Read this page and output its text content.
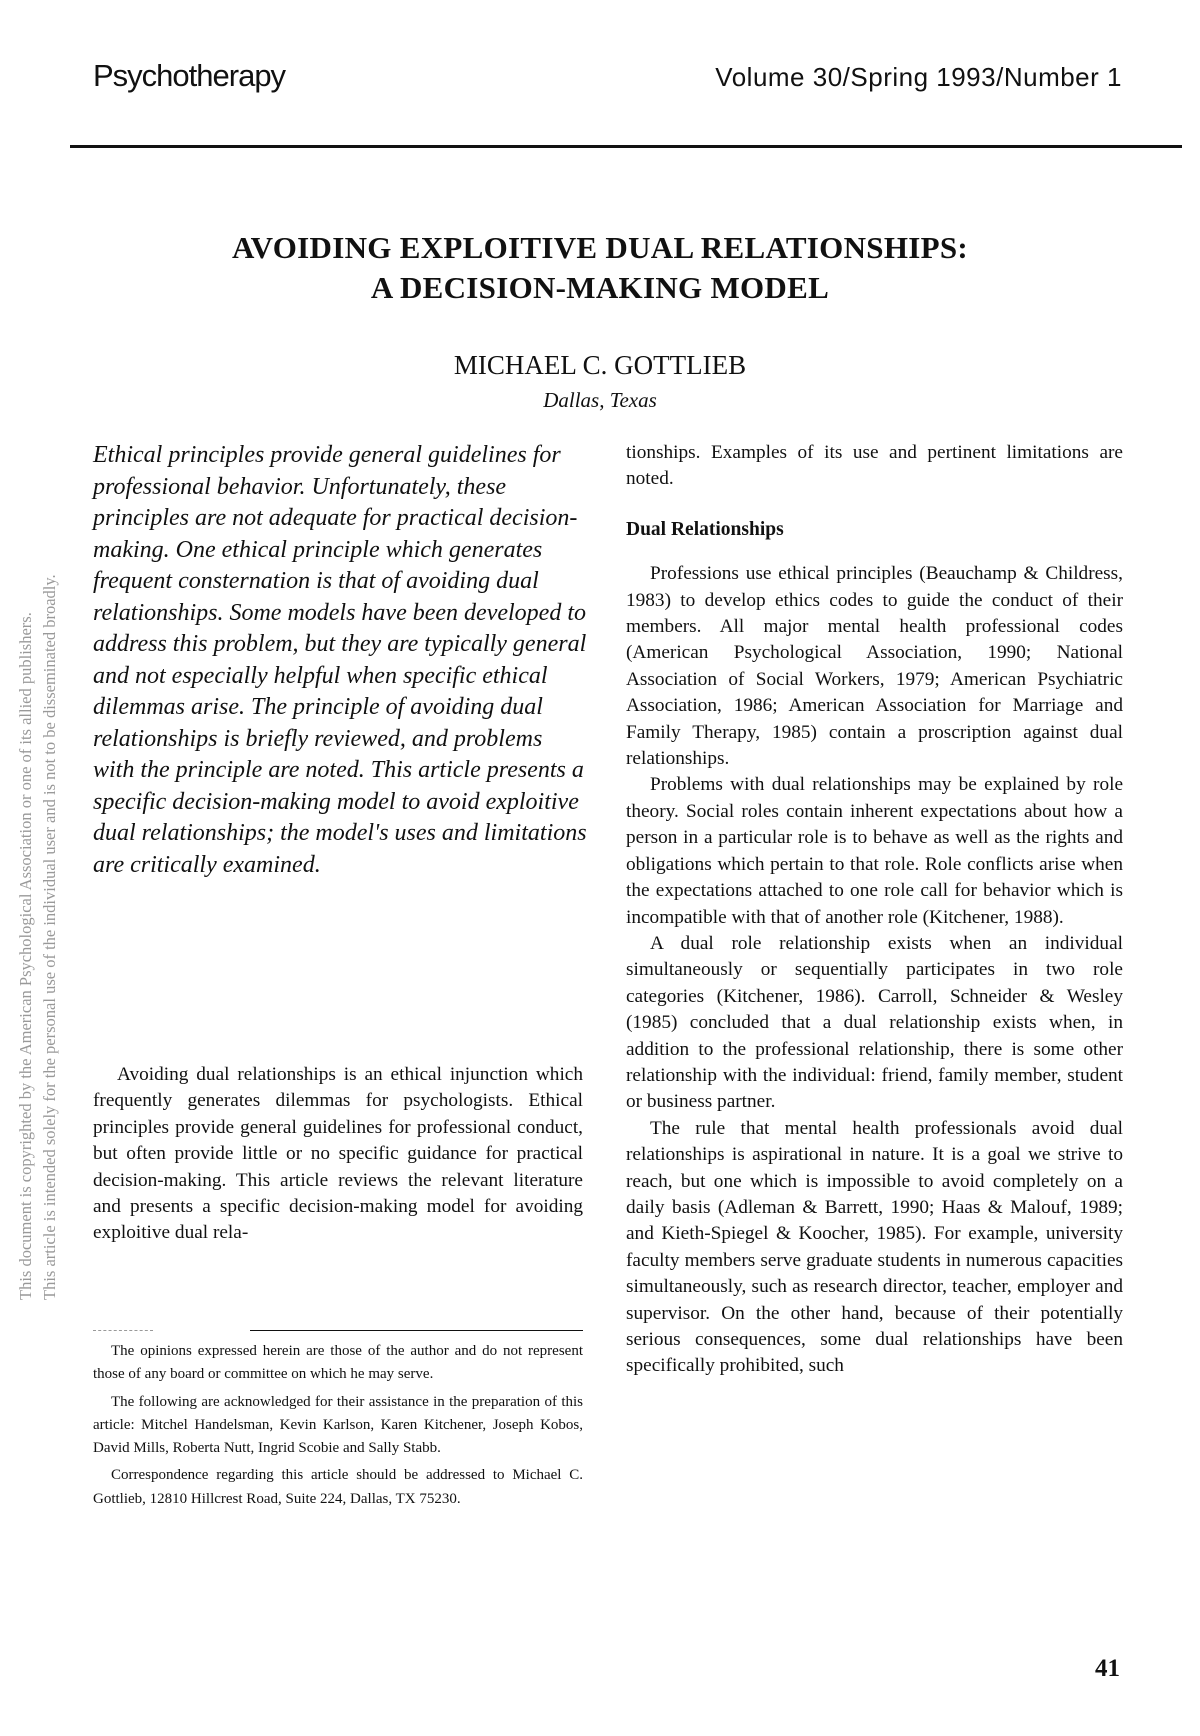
Psychotherapy	Volume 30/Spring 1993/Number 1
AVOIDING EXPLOITIVE DUAL RELATIONSHIPS:
A DECISION-MAKING MODEL
MICHAEL C. GOTTLIEB
Dallas, Texas
This document is copyrighted by the American Psychological Association or one of its allied publishers. This article is intended solely for the personal use of the individual user and is not to be disseminated broadly.
Ethical principles provide general guidelines for professional behavior. Unfortunately, these principles are not adequate for practical decision-making. One ethical principle which generates frequent consternation is that of avoiding dual relationships. Some models have been developed to address this problem, but they are typically general and not especially helpful when specific ethical dilemmas arise. The principle of avoiding dual relationships is briefly reviewed, and problems with the principle are noted. This article presents a specific decision-making model to avoid exploitive dual relationships; the model's uses and limitations are critically examined.

Avoiding dual relationships is an ethical injunction which frequently generates dilemmas for psychologists. Ethical principles provide general guidelines for professional conduct, but often provide little or no specific guidance for practical decision-making. This article reviews the relevant literature and presents a specific decision-making model for avoiding exploitive dual rela-

The opinions expressed herein are those of the author and do not represent those of any board or committee on which he may serve.

The following are acknowledged for their assistance in the preparation of this article: Mitchel Handelsman, Kevin Karlson, Karen Kitchener, Joseph Kobos, David Mills, Roberta Nutt, Ingrid Scobie and Sally Stabb.

Correspondence regarding this article should be addressed to Michael C. Gottlieb, 12810 Hillcrest Road, Suite 224, Dallas, TX 75230.

tionships. Examples of its use and pertinent limitations are noted.

Dual Relationships

Professions use ethical principles (Beauchamp & Childress, 1983) to develop ethics codes to guide the conduct of their members. All major mental health professional codes (American Psychological Association, 1990; National Association of Social Workers, 1979; American Psychiatric Association, 1986; American Association for Marriage and Family Therapy, 1985) contain a proscription against dual relationships.

Problems with dual relationships may be explained by role theory. Social roles contain inherent expectations about how a person in a particular role is to behave as well as the rights and obligations which pertain to that role. Role conflicts arise when the expectations attached to one role call for behavior which is incompatible with that of another role (Kitchener, 1988).

A dual role relationship exists when an individual simultaneously or sequentially participates in two role categories (Kitchener, 1986). Carroll, Schneider & Wesley (1985) concluded that a dual relationship exists when, in addition to the professional relationship, there is some other relationship with the individual: friend, family member, student or business partner.

The rule that mental health professionals avoid dual relationships is aspirational in nature. It is a goal we strive to reach, but one which is impossible to avoid completely on a daily basis (Adleman & Barrett, 1990; Haas & Malouf, 1989; and Kieth-Spiegel & Koocher, 1985). For example, university faculty members serve graduate students in numerous capacities simultaneously, such as research director, teacher, employer and supervisor. On the other hand, because of their potentially serious consequences, some dual relationships have been specifically prohibited, such

41
